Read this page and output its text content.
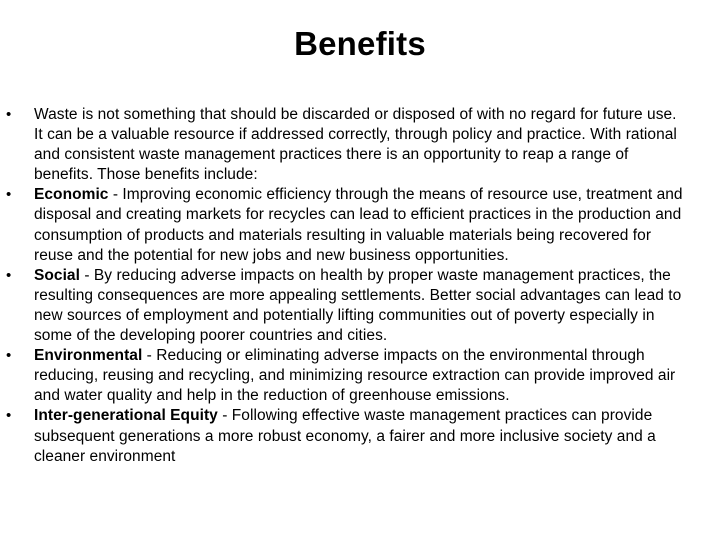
Benefits
•	Waste is not something that should be discarded or disposed of with no regard for future use. It can be a valuable resource if addressed correctly, through policy and practice. With rational and consistent waste management practices there is an opportunity to reap a range of benefits. Those benefits include:
•	Economic - Improving economic efficiency through the means of resource use, treatment and disposal and creating markets for recycles can lead to efficient practices in the production and consumption of products and materials resulting in valuable materials being recovered for reuse and the potential for new jobs and new business opportunities.
•	Social - By reducing adverse impacts on health by proper waste management practices, the resulting consequences are more appealing settlements. Better social advantages can lead to new sources of employment and potentially lifting communities out of poverty especially in some of the developing poorer countries and cities.
•	Environmental - Reducing or eliminating adverse impacts on the environmental through reducing, reusing and recycling, and minimizing resource extraction can provide improved air and water quality and help in the reduction of greenhouse emissions.
•	Inter-generational Equity - Following effective waste management practices can provide subsequent generations a more robust economy, a fairer and more inclusive society and a cleaner environment
